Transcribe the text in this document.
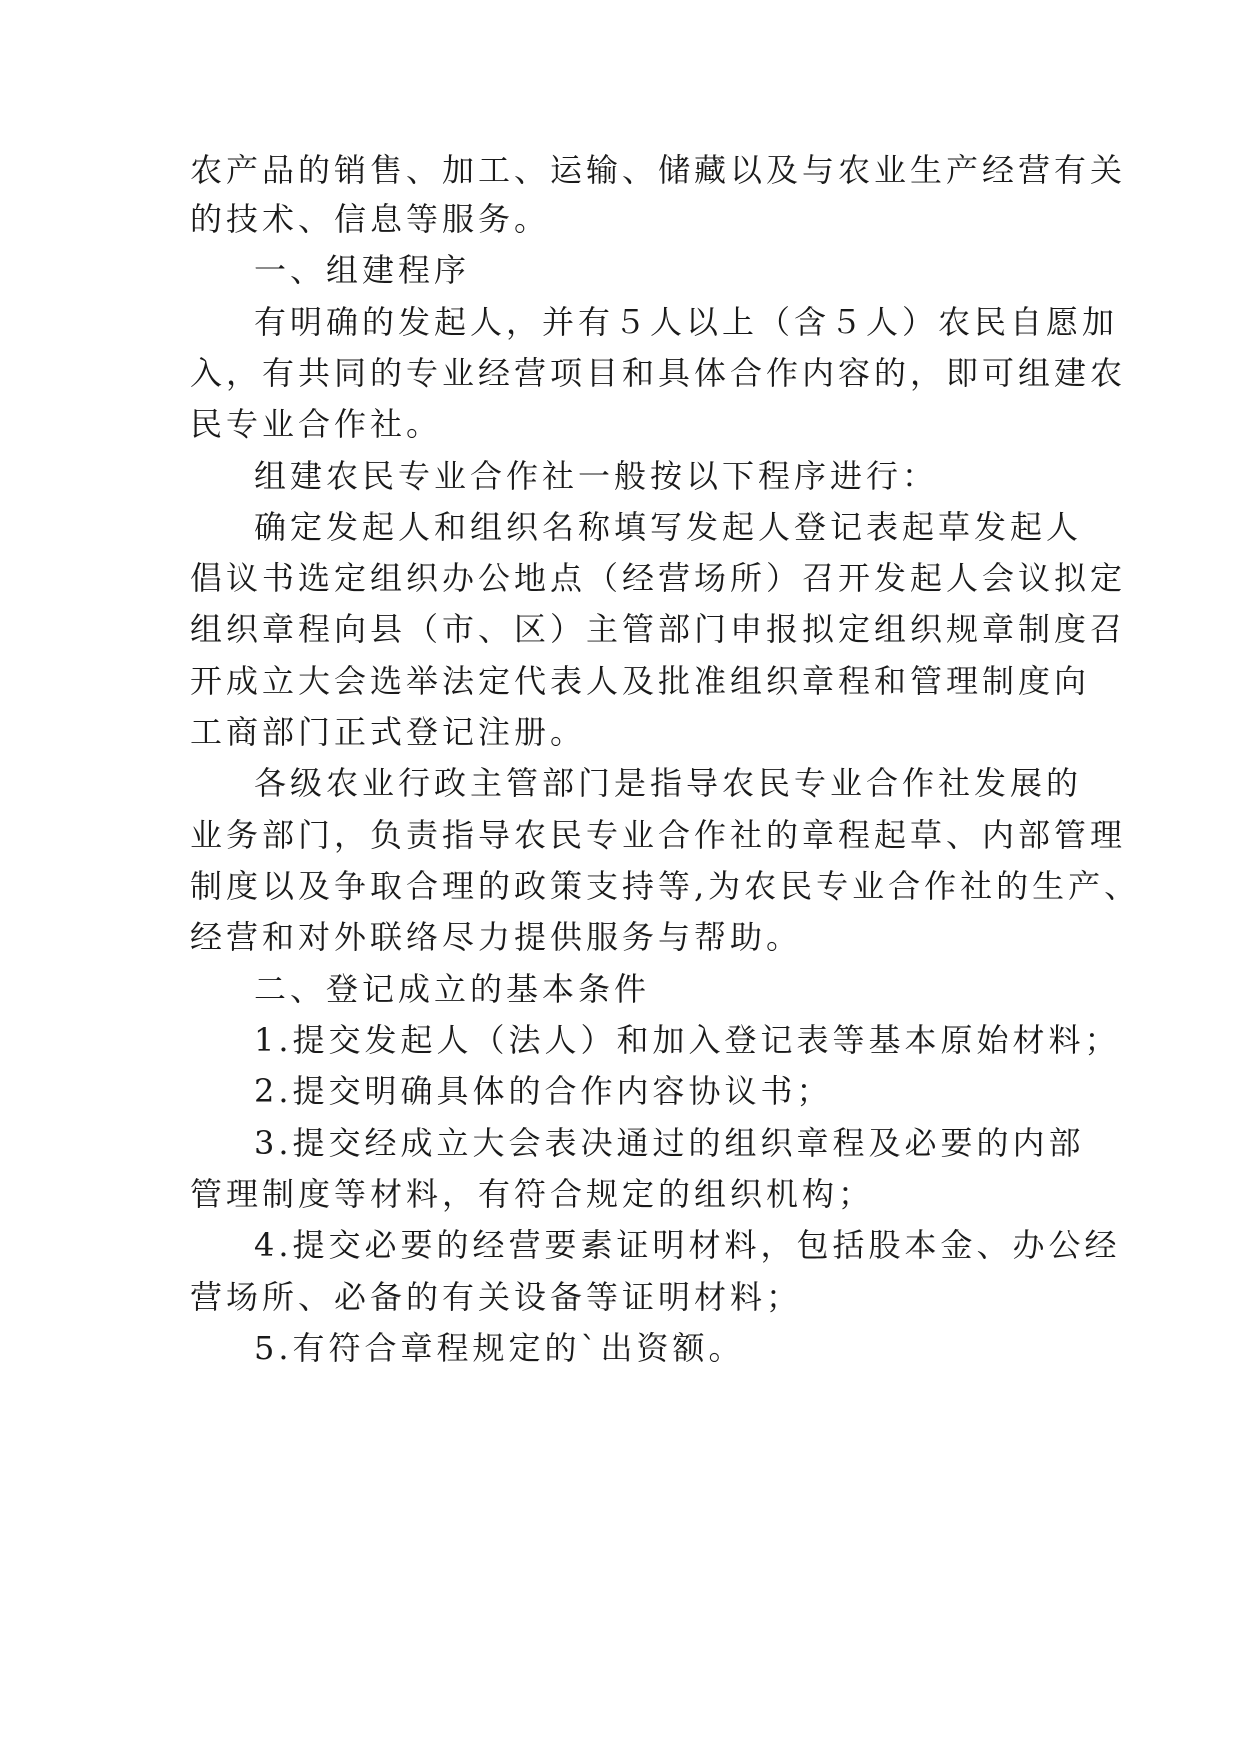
农产品的销售、加工、运输、储藏以及与农业生产经营有关

的技术、信息等服务。

一、组建程序

有明确的发起人，并有５人以上（含５人）农民自愿加

入，有共同的专业经营项目和具体合作内容的，即可组建农

民专业合作社。

组建农民专业合作社一般按以下程序进行：

确定发起人和组织名称填写发起人登记表起草发起人

倡议书选定组织办公地点（经营场所）召开发起人会议拟定

组织章程向县（市、区）主管部门申报拟定组织规章制度召

开成立大会选举法定代表人及批准组织章程和管理制度向

工商部门正式登记注册。

各级农业行政主管部门是指导农民专业合作社发展的

业务部门，负责指导农民专业合作社的章程起草、内部管理

制度以及争取合理的政策支持等,为农民专业合作社的生产、

经营和对外联络尽力提供服务与帮助。

二、登记成立的基本条件

1.提交发起人（法人）和加入登记表等基本原始材料；

2.提交明确具体的合作内容协议书；

3.提交经成立大会表决通过的组织章程及必要的内部

管理制度等材料，有符合规定的组织机构；

4.提交必要的经营要素证明材料，包括股本金、办公经

营场所、必备的有关设备等证明材料；

5.有符合章程规定的`出资额。
